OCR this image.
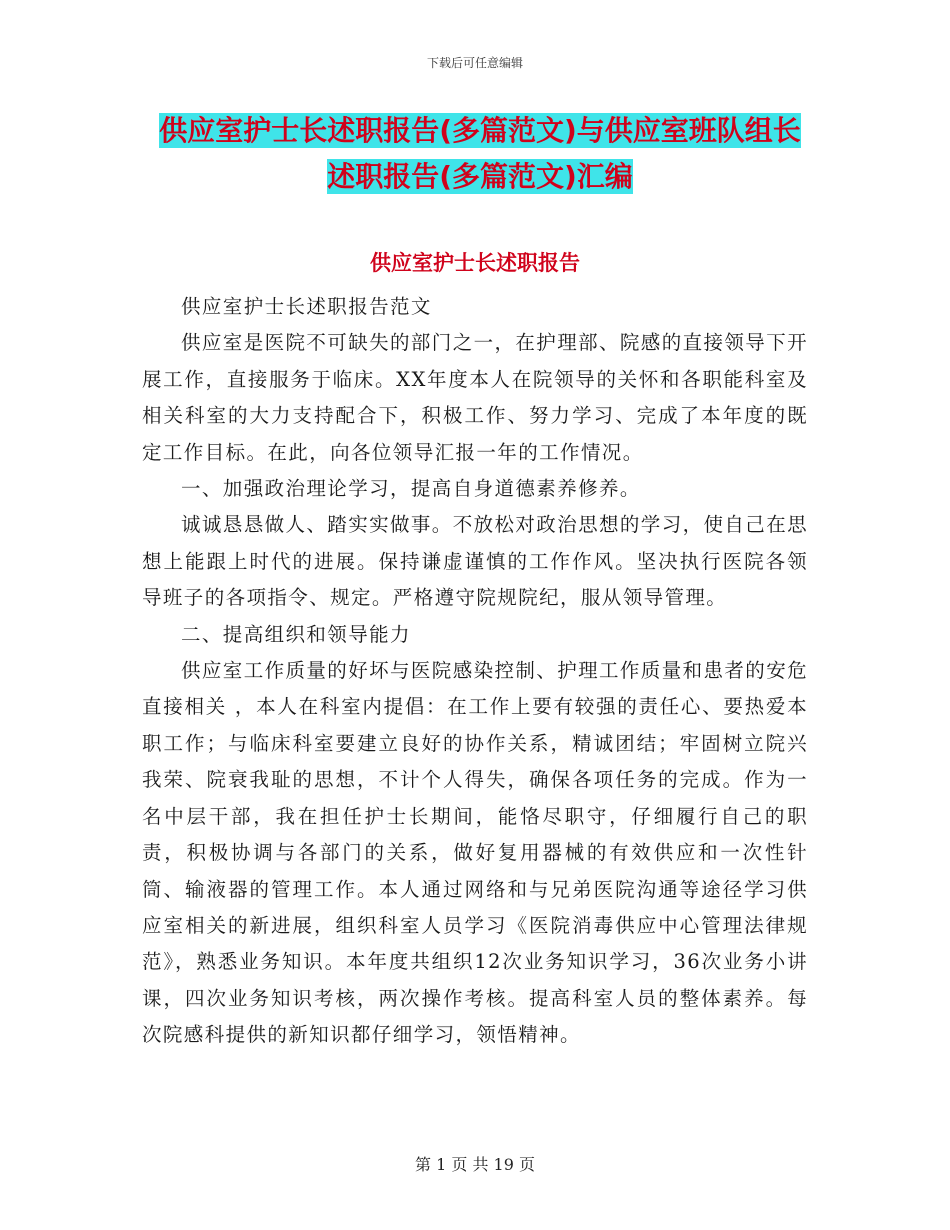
下载后可任意编辑
供应室护士长述职报告(多篇范文)与供应室班队组长
述职报告(多篇范文)汇编
供应室护士长述职报告

供应室护士长述职报告范文

供应室是医院不可缺失的部门之一，在护理部、院感的直接领导下开展工作，直接服务于临床。XX年度本人在院领导的关怀和各职能科室及相关科室的大力支持配合下，积极工作、努力学习、完成了本年度的既定工作目标。在此，向各位领导汇报一年的工作情况。

一、加强政治理论学习，提高自身道德素养修养。

诚诚恳恳做人、踏实实做事。不放松对政治思想的学习，使自己在思想上能跟上时代的进展。保持谦虚谨慎的工作作风。坚决执行医院各领导班子的各项指令、规定。严格遵守院规院纪，服从领导管理。

二、提高组织和领导能力

供应室工作质量的好坏与医院感染控制、护理工作质量和患者的安危直接相关 ，本人在科室内提倡：在工作上要有较强的责任心、要热爱本职工作；与临床科室要建立良好的协作关系，精诚团结；牢固树立院兴我荣、院衰我耻的思想，不计个人得失，确保各项任务的完成。作为一名中层干部，我在担任护士长期间，能恪尽职守，仔细履行自己的职责，积极协调与各部门的关系，做好复用器械的有效供应和一次性针筒、输液器的管理工作。本人通过网络和与兄弟医院沟通等途径学习供应室相关的新进展，组织科室人员学习《医院消毒供应中心管理法律规范》，熟悉业务知识。本年度共组织12次业务知识学习，36次业务小讲课，四次业务知识考核，两次操作考核。提高科室人员的整体素养。每次院感科提供的新知识都仔细学习，领悟精神。

第 1 页 共 19 页
